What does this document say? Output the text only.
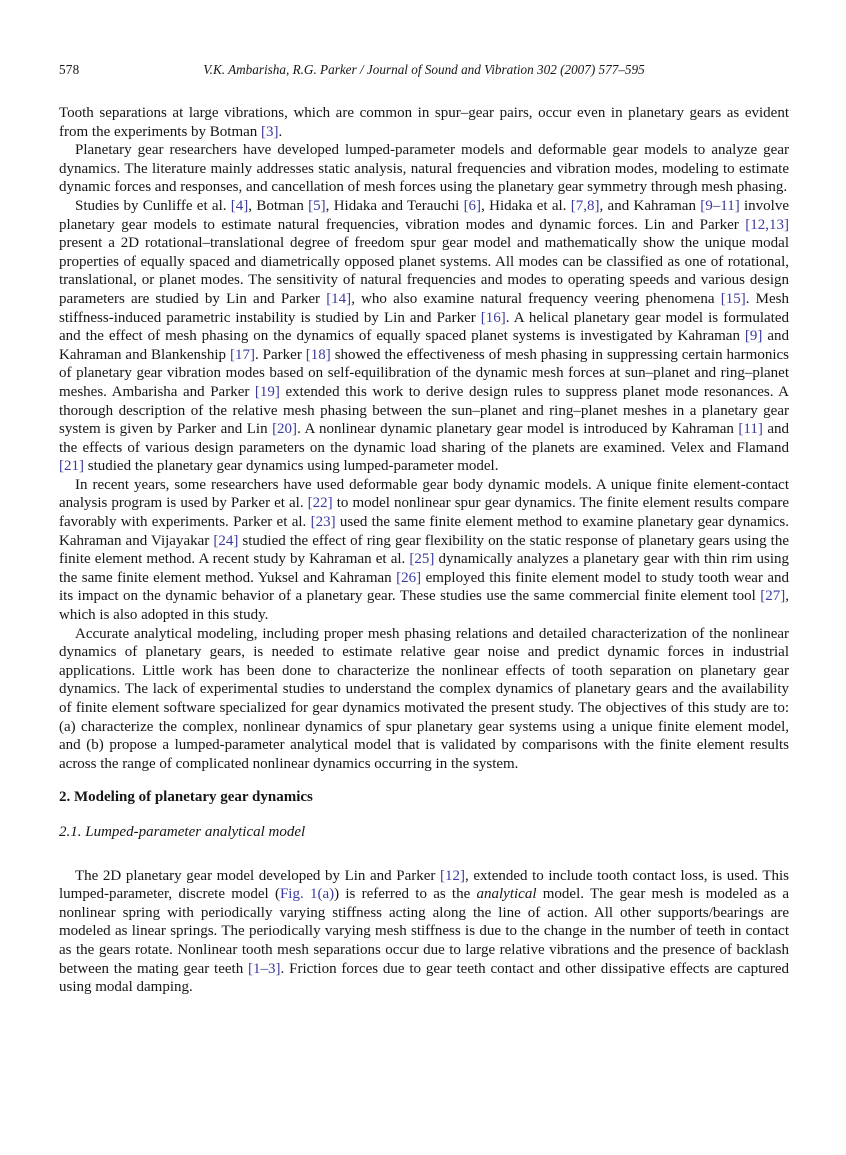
578	V.K. Ambarisha, R.G. Parker / Journal of Sound and Vibration 302 (2007) 577–595

Tooth separations at large vibrations, which are common in spur–gear pairs, occur even in planetary gears as evident from the experiments by Botman [3].

Planetary gear researchers have developed lumped-parameter models and deformable gear models to analyze gear dynamics. The literature mainly addresses static analysis, natural frequencies and vibration modes, modeling to estimate dynamic forces and responses, and cancellation of mesh forces using the planetary gear symmetry through mesh phasing.

Studies by Cunliffe et al. [4], Botman [5], Hidaka and Terauchi [6], Hidaka et al. [7,8], and Kahraman [9–11] involve planetary gear models to estimate natural frequencies, vibration modes and dynamic forces. Lin and Parker [12,13] present a 2D rotational–translational degree of freedom spur gear model and mathematically show the unique modal properties of equally spaced and diametrically opposed planet systems. All modes can be classified as one of rotational, translational, or planet modes. The sensitivity of natural frequencies and modes to operating speeds and various design parameters are studied by Lin and Parker [14], who also examine natural frequency veering phenomena [15]. Mesh stiffness-induced parametric instability is studied by Lin and Parker [16]. A helical planetary gear model is formulated and the effect of mesh phasing on the dynamics of equally spaced planet systems is investigated by Kahraman [9] and Kahraman and Blankenship [17]. Parker [18] showed the effectiveness of mesh phasing in suppressing certain harmonics of planetary gear vibration modes based on self-equilibration of the dynamic mesh forces at sun–planet and ring–planet meshes. Ambarisha and Parker [19] extended this work to derive design rules to suppress planet mode resonances. A thorough description of the relative mesh phasing between the sun–planet and ring–planet meshes in a planetary gear system is given by Parker and Lin [20]. A nonlinear dynamic planetary gear model is introduced by Kahraman [11] and the effects of various design parameters on the dynamic load sharing of the planets are examined. Velex and Flamand [21] studied the planetary gear dynamics using lumped-parameter model.

In recent years, some researchers have used deformable gear body dynamic models. A unique finite element-contact analysis program is used by Parker et al. [22] to model nonlinear spur gear dynamics. The finite element results compare favorably with experiments. Parker et al. [23] used the same finite element method to examine planetary gear dynamics. Kahraman and Vijayakar [24] studied the effect of ring gear flexibility on the static response of planetary gears using the finite element method. A recent study by Kahraman et al. [25] dynamically analyzes a planetary gear with thin rim using the same finite element method. Yuksel and Kahraman [26] employed this finite element model to study tooth wear and its impact on the dynamic behavior of a planetary gear. These studies use the same commercial finite element tool [27], which is also adopted in this study.

Accurate analytical modeling, including proper mesh phasing relations and detailed characterization of the nonlinear dynamics of planetary gears, is needed to estimate relative gear noise and predict dynamic forces in industrial applications. Little work has been done to characterize the nonlinear effects of tooth separation on planetary gear dynamics. The lack of experimental studies to understand the complex dynamics of planetary gears and the availability of finite element software specialized for gear dynamics motivated the present study. The objectives of this study are to: (a) characterize the complex, nonlinear dynamics of spur planetary gear systems using a unique finite element model, and (b) propose a lumped-parameter analytical model that is validated by comparisons with the finite element results across the range of complicated nonlinear dynamics occurring in the system.

2. Modeling of planetary gear dynamics
2.1. Lumped-parameter analytical model

The 2D planetary gear model developed by Lin and Parker [12], extended to include tooth contact loss, is used. This lumped-parameter, discrete model (Fig. 1(a)) is referred to as the analytical model. The gear mesh is modeled as a nonlinear spring with periodically varying stiffness acting along the line of action. All other supports/bearings are modeled as linear springs. The periodically varying mesh stiffness is due to the change in the number of teeth in contact as the gears rotate. Nonlinear tooth mesh separations occur due to large relative vibrations and the presence of backlash between the mating gear teeth [1–3]. Friction forces due to gear teeth contact and other dissipative effects are captured using modal damping.
